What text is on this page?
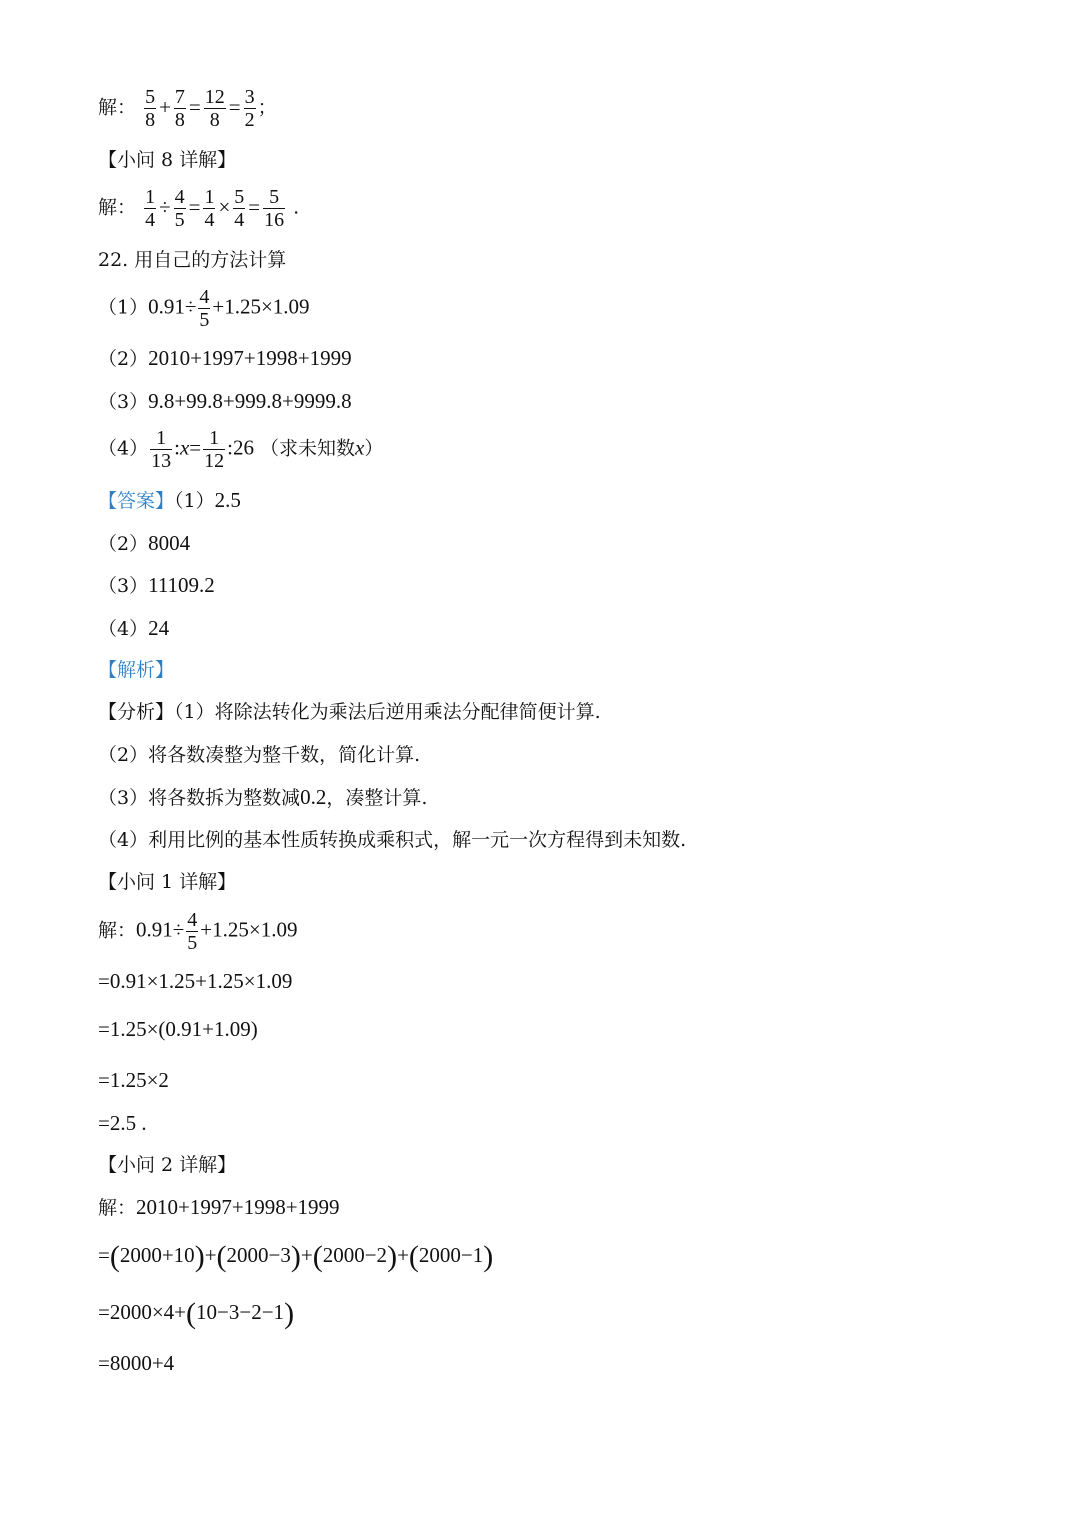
解： $\frac{5}{8} + \frac{7}{8} = \frac{12}{8} = \frac{3}{2}$ ；
【小问 8 详解】
解： $\frac{1}{4} \div \frac{4}{5} = \frac{1}{4} \times \frac{5}{4} = \frac{5}{16}$ .
22. 用自己的方法计算
$(1)0.91\div \frac{4}{5} +1.25\times 1.09$
（2）2010+1997+1998+1999
（3）9.8+99.8+999.8+9999.8
$(4) \frac{1}{13}$ :x= $\frac{1}{12}$ :26 （求未知数x）
【答案】（1）2.5
（2）8004
（3）11109.2
（4）24
【解析】
【分析】（1）将除法转化为乘法后逆用乘法分配律简便计算.
（2）将各数凑整为整千数，简化计算.
（3）将各数拆为整数减0.2，凑整计算.
（4）利用比例的基本性质转换成乘积式，解一元一次方程得到未知数.
【小问 1 详解】
解：$0.91\div \frac{4}{5} +1.25\times 1.09$
=0.91×1.25+1.25×1.09
=1.25×(0.91+1.09)
=1.25×2
=2.5 .
【小问 2 详解】
解：2010+1997+1998+1999
=(2000+10)+(2000−3)+(2000−2)+(2000−1)
=2000×4+(10−3−2−1)
=8000+4
